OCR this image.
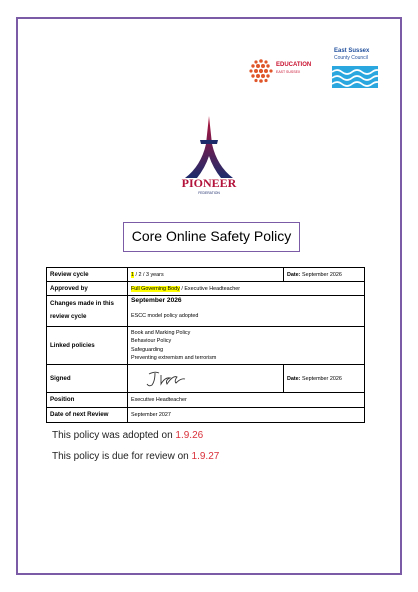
EDUCATION
EAST SUSSEX
East Sussex
County Council
PIONEER
FEDERATION
Core Online Safety Policy
Review cycle	1 / 2 / 3 years	Date: September 2026
Approved by	Full Governing Body / Executive Headteacher	
Changes made in this review cycle	September 2026
ESCC model policy adopted	

Linked policies	Book and Marking Policy
Behaviour Policy
Safeguarding
Preventing extremism and terrorism	

Signed		Date: September 2026
Position	Executive Headteacher	
Date of next Review	September 2027	
This policy was adopted on 1.9.26
This policy is due for review on 1.9.27
